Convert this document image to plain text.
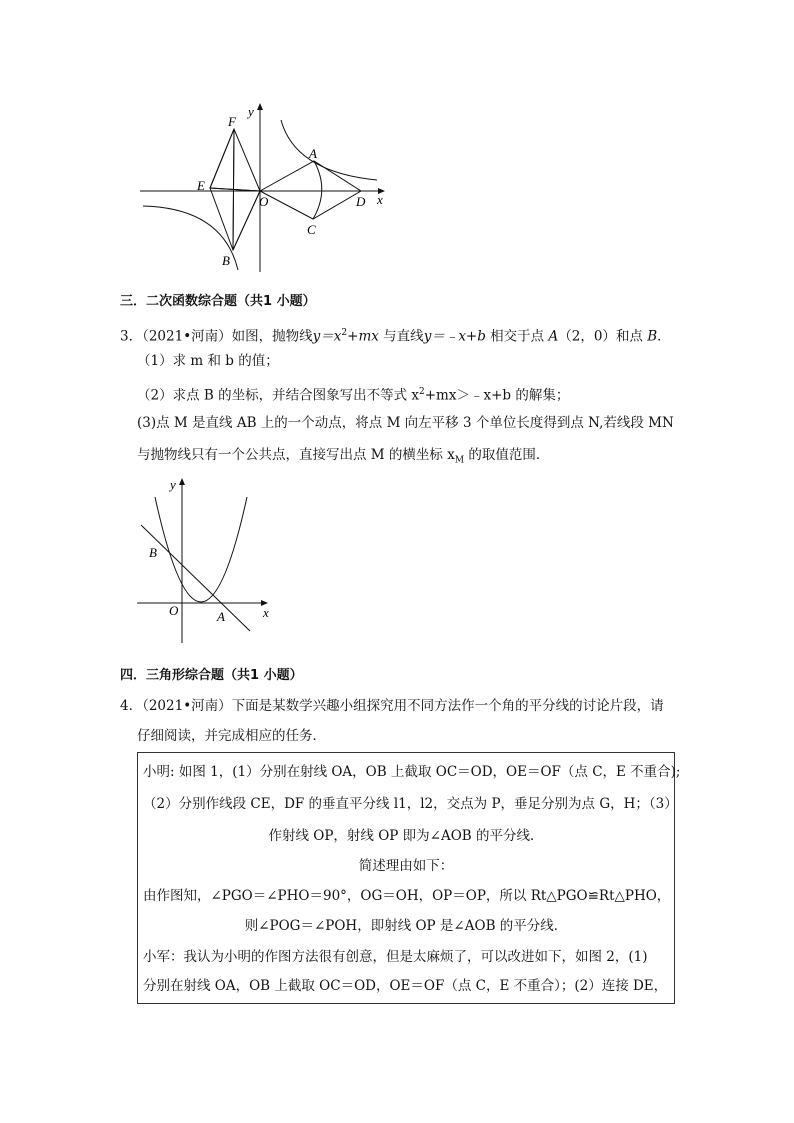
F
E
B
O
A
C
D x
y
三．二次函数综合题（共1 小题）
3．（2021•河南）如图，抛物线$y=x^2+mx$ 与直线y＝﹣x+b 相交于点 A（2，0）和点 B．
（1）求 m 和 b 的值；
（2）求点 B 的坐标，并结合图象写出不等式 $x^2+mx>﹣x+b$ 的解集；
(3)点 M 是直线 AB 上的一个动点，将点 M 向左平移 3 个单位长度得到点 N,若线段 MN
与抛物线只有一个公共点，直接写出点 M 的横坐标 $x_M$ 的取值范围．
y
B
O	A	x
四．三角形综合题（共1 小题）
4．（2021•河南）下面是某数学兴趣小组探究用不同方法作一个角的平分线的讨论片段，请
仔细阅读，并完成相应的任务．
小明: 如图 1，(1）分别在射线 OA，OB 上截取 OC＝OD，OE＝OF（点 C，E 不重合);
（2）分别作线段 CE，DF 的垂直平分线 l1，l2，交点为 P，垂足分别为点 G，H；（3）
作射线 OP，射线 OP 即为∠AOB 的平分线．
简述理由如下：
由作图知，∠PGO＝∠PHO＝90°，OG＝OH，OP＝OP，所以 Rt△PGO≌Rt△PHO，
则∠POG＝∠POH，即射线 OP 是∠AOB 的平分线．
小军：我认为小明的作图方法很有创意，但是太麻烦了，可以改进如下，如图 2，(1)
分别在射线 OA，OB 上截取 OC＝OD，OE＝OF（点 C，E 不重合）；(2）连接 DE，
